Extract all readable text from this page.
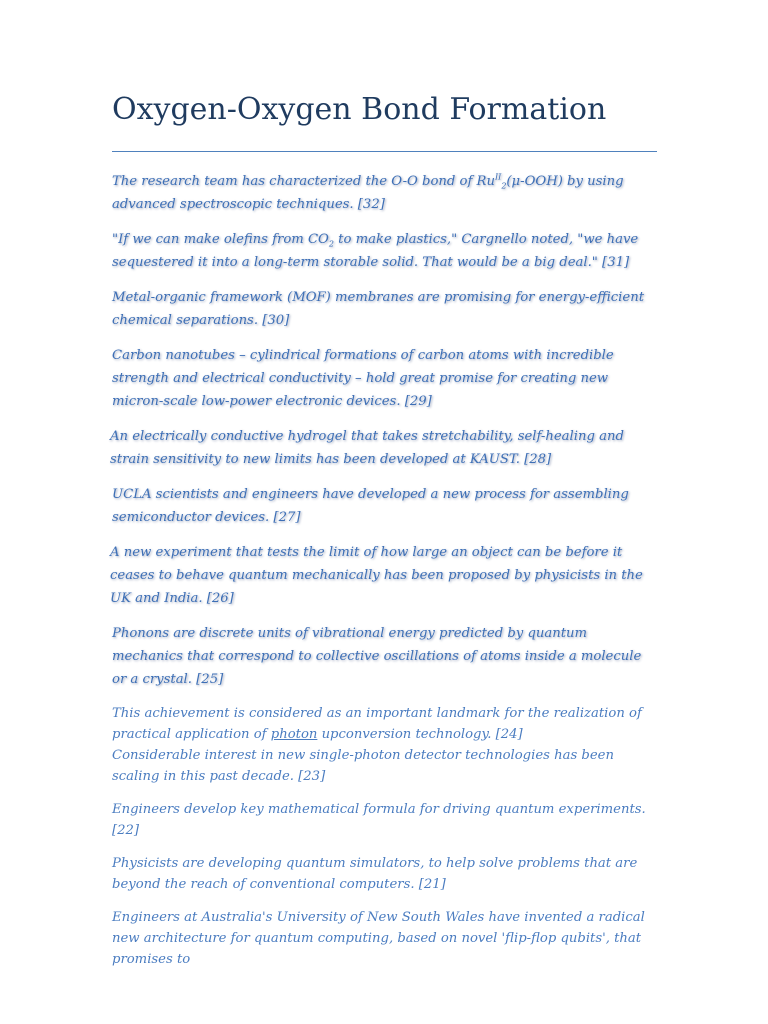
Oxygen-Oxygen Bond Formation

The research team has characterized the O-O bond of $Ru^{II}_2(\mu-OOH)$ by using advanced spectroscopic techniques. [32]

"If we can make olefins from $CO_2$ to make plastics," Cargnello noted, "we have sequestered it into a long-term storable solid. That would be a big deal." [31]

Metal-organic framework (MOF) membranes are promising for energy-efficient chemical separations. [30]

Carbon nanotubes – cylindrical formations of carbon atoms with incredible strength and electrical conductivity – hold great promise for creating new micron-scale low-power electronic devices. [29]

An electrically conductive hydrogel that takes stretchability, self-healing and strain sensitivity to new limits has been developed at KAUST. [28]

UCLA scientists and engineers have developed a new process for assembling semiconductor devices. [27]

A new experiment that tests the limit of how large an object can be before it ceases to behave quantum mechanically has been proposed by physicists in the UK and India. [26]

Phonons are discrete units of vibrational energy predicted by quantum mechanics that correspond to collective oscillations of atoms inside a molecule or a crystal. [25]

This achievement is considered as an important landmark for the realization of practical application of photon upconversion technology. [24]

Considerable interest in new single-photon detector technologies has been scaling in this past decade. [23]

Engineers develop key mathematical formula for driving quantum experiments. [22]

Physicists are developing quantum simulators, to help solve problems that are beyond the reach of conventional computers. [21]

Engineers at Australia's University of New South Wales have invented a radical new architecture for quantum computing, based on novel 'flip-flop qubits', that promises to
